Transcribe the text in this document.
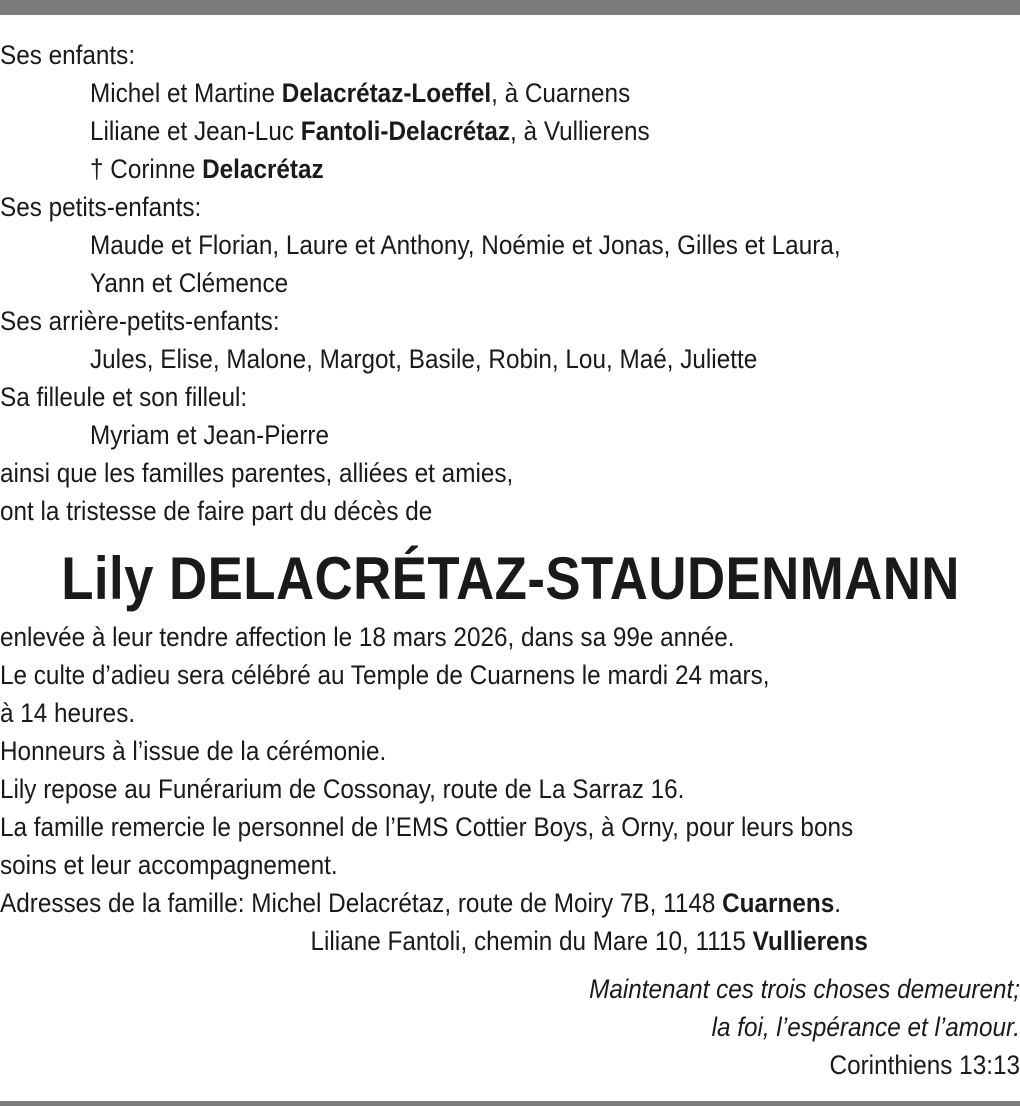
Ses enfants:

Michel et Martine Delacrétaz-Loeffel, à Cuarnens

Liliane et Jean-Luc Fantoli-Delacrétaz, à Vullierens

† Corinne Delacrétaz

Ses petits-enfants:

Maude et Florian, Laure et Anthony, Noémie et Jonas, Gilles et Laura,

Yann et Clémence

Ses arrière-petits-enfants:

Jules, Elise, Malone, Margot, Basile, Robin, Lou, Maé, Juliette

Sa filleule et son filleul:

Myriam et Jean-Pierre

ainsi que les familles parentes, alliées et amies,

ont la tristesse de faire part du décès de

Lily DELACRÉTAZ-STAUDENMANN

enlevée à leur tendre affection le 18 mars 2026, dans sa 99e année.

Le culte d’adieu sera célébré au Temple de Cuarnens le mardi 24 mars,

à 14 heures.

Honneurs à l’issue de la cérémonie.

Lily repose au Funérarium de Cossonay, route de La Sarraz 16.

La famille remercie le personnel de l’EMS Cottier Boys, à Orny, pour leurs bons

soins et leur accompagnement.

Adresses de la famille: Michel Delacrétaz, route de Moiry 7B, 1148 Cuarnens.

Liliane Fantoli, chemin du Mare 10, 1115 Vullierens

Maintenant ces trois choses demeurent;

la foi, l’espérance et l’amour.

Corinthiens 13:13
